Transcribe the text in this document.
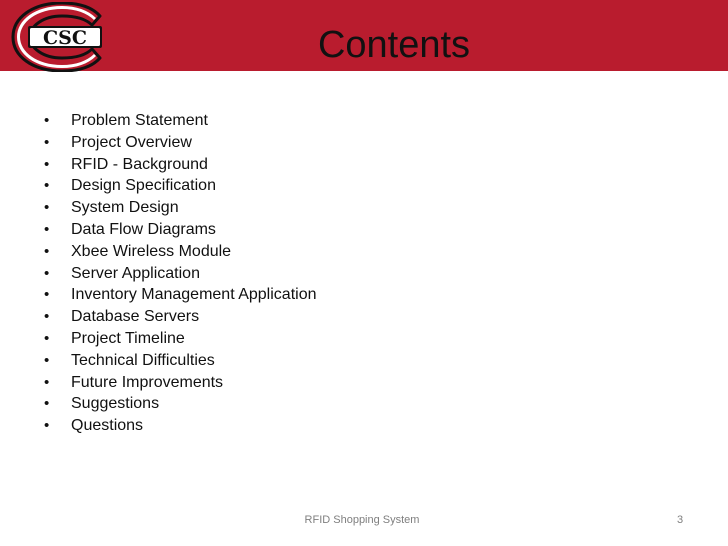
CSC	Contents
• Problem Statement
• Project Overview
• RFID - Background
• Design Specification
• System Design
• Data Flow Diagrams
• Xbee Wireless Module
• Server Application
• Inventory Management Application
• Database Servers
• Project Timeline
• Technical Difficulties
• Future Improvements
• Suggestions
• Questions
RFID Shopping System	3
